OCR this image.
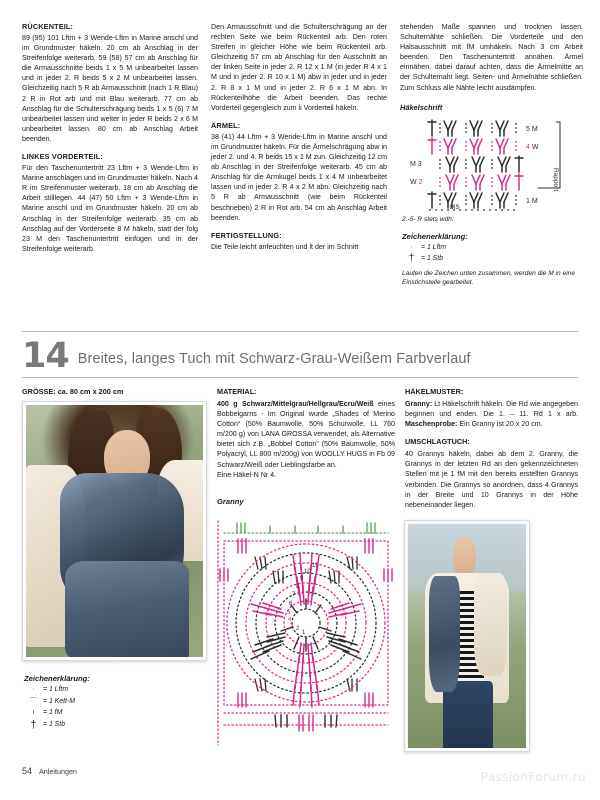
RÜCKENTEIL:

89 (95) 101 Lftm + 3 Wende-Lftm in Marine anschl und im Grundmuster häkeln. 20 cm ab Anschlag in der Streifenfolge weiterarb. 59 (58) 57 cm ab Anschlag für die Armausschnitte beids 1 x 5 M unbearbeitet lassen und in jeder 2. R beids 5 x 2 M unbearbeitet lassen. Gleichzeitig nach 5 R ab Armausschnitt (nach 1 R Blau) 2 R in Rot arb und mit Blau weiterarb. 77 cm ab Anschlag für die Schulterschrägung beids 1 x 5 (6) 7 M unbearbeitet lassen und weiter in jeder R beids 2 x 6 M unbearbeitet lassen. 80 cm ab Anschlag Arbeit beenden.

LINKES VORDERTEIL:

Für den Taschenuntertritt 23 Lftm + 3 Wende-Lftm in Marine anschlagen und im Grundmuster häkeln. Nach 4 R im Streifenmuster weiterarb. 18 cm ab Anschlag die Arbeit stilllegen. 44 (47) 50 Lftm + 3 Wende-Lftm in Marine anschl und im Grundmuster häkeln. 20 cm ab Anschlag in der Streifenfolge weiterarb. 35 cm ab Anschlag auf der Vorderseite 8 M häkeln, statt der folg 23 M den Taschenuntertritt einfügen und in der Streifenfolge weiterarb.

Den Armausschnitt und die Schulterschrägung an der rechten Seite wie beim Rückenteil arb. Den roten Streifen in gleicher Höhe wie beim Rückenteil arb. Gleichzeitig 57 cm ab Anschlag für den Ausschnitt an der linken Seite in jeder 2. R 12 x 1 M (in jeder R 4 x 1 M und in jeder 2. R 10 x 1 M) abw in jeder und in jeder 2. R 8 x 1 M und in jeder 2. R 6 x 1 M abn. In Rückenteilhöhe die Arbeit beenden. Das rechte Vorderteil gegengleich zum li Vorderteil häkeln.

ÄRMEL:

38 (41) 44 Lftm + 3 Wende-Lftm in Marine anschl und im Grundmuster häkeln. Für die Ärmelschrägung abw in jeder 2. und 4. R beids 15 x 1 M zun. Gleichzeitig 12 cm ab Anschlag in der Streifenfolge weiterarb. 45 cm ab Anschlag für die Armkugel beids 1 x 4 M unbearbeitet lassen und in jeder 2. R 4 x 2 M abn. Gleichzeitig nach 5 R ab Armausschnitt (wie beim Rückenteil beschrieben) 2 R in Rot arb. 54 cm ab Anschlag Arbeit beenden.

FERTIGSTELLUNG:

Die Teile leicht anfeuchten und lt der im Schnitt

stehenden Maße spannen und trocknen lassen. Schulternähte schließen. Die Vorderteile und den Halsausschnitt mit fM umhäkeln. Nach 3 cm Arbeit beenden. Den Taschenuntertritt annähen. Ärmel einnähen, dabei darauf achten, dass die Ärmelmitte an der Schulternaht liegt. Seiten- und Ärmelnähte schließen. Zum Schluss alle Nähte leicht ausdämpfen.

Häkelschrift
M 3
W 2
5 M
4 W
1 M
Rapport
MS
2.-5- R stets wdh.
Zeichenerklärung:
·	= 1 Lftm
† = 1 Stb
Laufen die Zeichen unten zusammen, werden die M in eine Einstichstelle gearbeitet.
14 Breites, langes Tuch mit Schwarz-Grau-Weißem Farbverlauf
GRÖSSE: ca. 80 cm x 200 cm
Zeichenerklärung:
·	= 1 Lftm
⌒ = 1 Kett-M
ı	= 1 fM
† = 1 Stb
MATERIAL:

400 g Schwarz/Mittelgrau/Hellgrau/Ecru/Weiß eines Bobbelgarns - Im Original wurde „Shades of Merino Cotton“ (50% Baumwolle, 50% Schurwolle, LL 760 m/200 g) von LANA GROSSA verwendet, als Alternative bietet sich z.B. „Bobbel Cotton“ (50% Baumwolle, 50% Polyacryl, LL 800 m/200g) von WOOLLY HUGS in Fb 09 Schwarz/Weiß oder Lieblingsfarbe an.
Eine Häkel-N Nr 4.

Granny
1
2
3
4
5
6
7
8
9
10
11
HÄKELMUSTER:

Granny: Lt Häkelschrift häkeln. Die Rd wie angegeben beginnen und enden. Die 1. – 11. Rd 1 x arb. Maschenprobe: Ein Granny ist 20 x 20 cm.

UMSCHLAGTUCH:

40 Grannys häkeln, dabei ab dem 2. Granny, die Grannys in der letzten Rd an den gekennzeichneten Stellen mit je 1 fM mit den bereits erstellten Grannys verbinden. Die Grannys so anordnen, dass 4 Grannys in der Breite und 10 Grannys in der Höhe nebeneinander liegen.

54 Anleitungen	PassionForum.ru
